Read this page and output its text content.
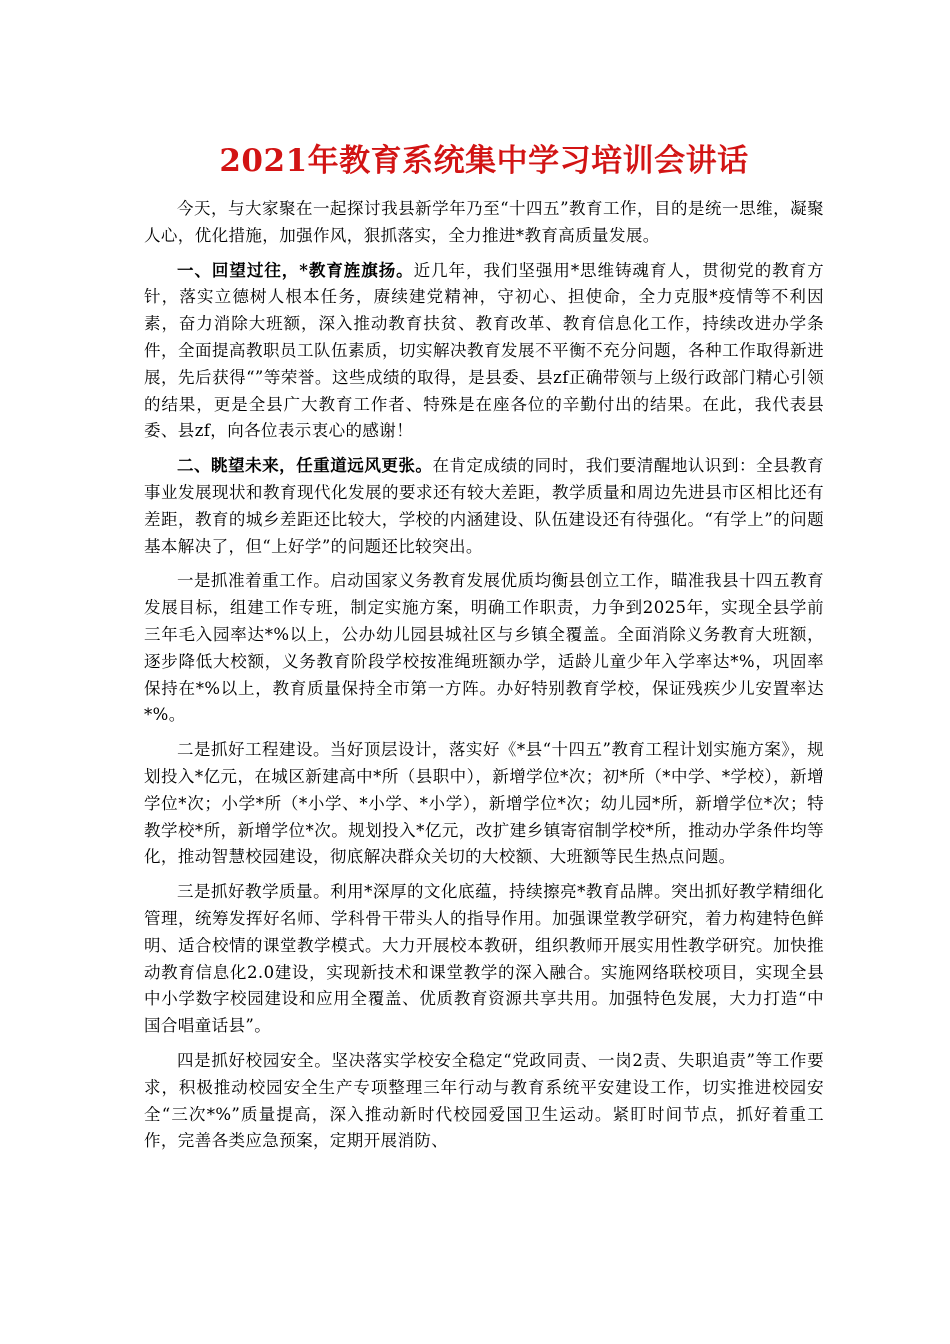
2021年教育系统集中学习培训会讲话

今天，与大家聚在一起探讨我县新学年乃至“十四五”教育工作，目的是统一思维，凝聚人心，优化措施，加强作风，狠抓落实，全力推进*教育高质量发展。

一、回望过往，*教育旌旗扬。近几年，我们坚强用*思维铸魂育人，贯彻党的教育方针，落实立德树人根本任务，赓续建党精神，守初心、担使命，全力克服*疫情等不利因素，奋力消除大班额，深入推动教育扶贫、教育改革、教育信息化工作，持续改进办学条件，全面提高教职员工队伍素质，切实解决教育发展不平衡不充分问题，各种工作取得新进展，先后获得“”等荣誉。这些成绩的取得，是县委、县zf正确带领与上级行政部门精心引领的结果，更是全县广大教育工作者、特殊是在座各位的辛勤付出的结果。在此，我代表县委、县zf，向各位表示衷心的感谢！

二、眺望未来，任重道远风更张。在肯定成绩的同时，我们要清醒地认识到：全县教育事业发展现状和教育现代化发展的要求还有较大差距，教学质量和周边先进县市区相比还有差距，教育的城乡差距还比较大，学校的内涵建设、队伍建设还有待强化。“有学上”的问题基本解决了，但“上好学”的问题还比较突出。

一是抓准着重工作。启动国家义务教育发展优质均衡县创立工作，瞄准我县十四五教育发展目标，组建工作专班，制定实施方案，明确工作职责，力争到2025年，实现全县学前三年毛入园率达*%以上，公办幼儿园县城社区与乡镇全覆盖。全面消除义务教育大班额，逐步降低大校额，义务教育阶段学校按准绳班额办学，适龄儿童少年入学率达*%，巩固率保持在*%以上，教育质量保持全市第一方阵。办好特别教育学校，保证残疾少儿安置率达*%。

二是抓好工程建设。当好顶层设计，落实好《*县“十四五”教育工程计划实施方案》，规划投入*亿元，在城区新建高中*所（县职中），新增学位*次；初*所（*中学、*学校），新增学位*次；小学*所（*小学、*小学、*小学），新增学位*次；幼儿园*所，新增学位*次；特教学校*所，新增学位*次。规划投入*亿元，改扩建乡镇寄宿制学校*所，推动办学条件均等化，推动智慧校园建设，彻底解决群众关切的大校额、大班额等民生热点问题。

三是抓好教学质量。利用*深厚的文化底蕴，持续擦亮*教育品牌。突出抓好教学精细化管理，统筹发挥好名师、学科骨干带头人的指导作用。加强课堂教学研究，着力构建特色鲜明、适合校情的课堂教学模式。大力开展校本教研，组织教师开展实用性教学研究。加快推动教育信息化2.0建设，实现新技术和课堂教学的深入融合。实施网络联校项目，实现全县中小学数字校园建设和应用全覆盖、优质教育资源共享共用。加强特色发展，大力打造“中国合唱童话县”。

四是抓好校园安全。坚决落实学校安全稳定“党政同责、一岗2责、失职追责”等工作要求，积极推动校园安全生产专项整理三年行动与教育系统平安建设工作，切实推进校园安全“三次*%”质量提高，深入推动新时代校园爱国卫生运动。紧盯时间节点，抓好着重工作，完善各类应急预案，定期开展消防、
